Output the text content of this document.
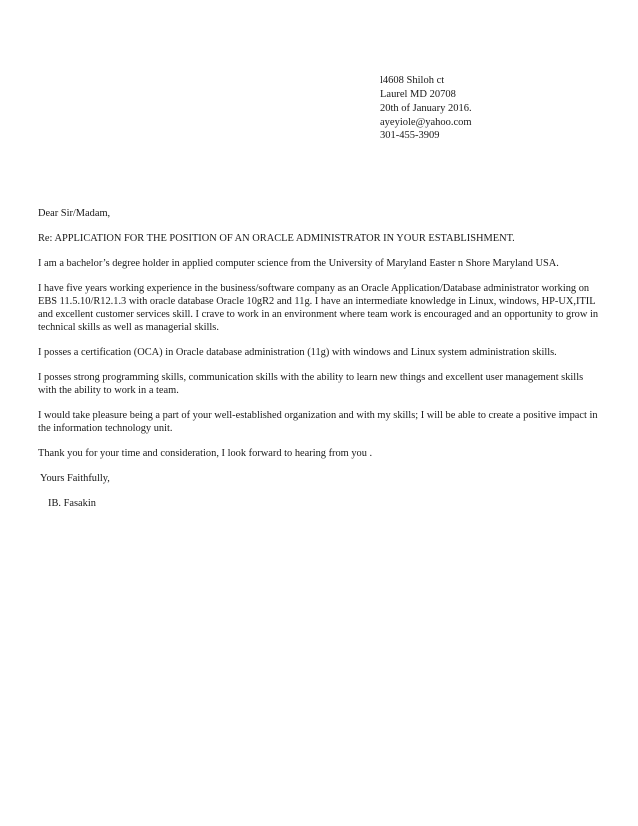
l4608 Shiloh ct
Laurel MD 20708
20th of January 2016.
ayeyiole@yahoo.com
301-455-3909

Dear Sir/Madam,

Re: APPLICATION FOR THE POSITION OF AN ORACLE ADMINISTRATOR IN YOUR ESTABLISHMENT.

I am a bachelor’s degree holder in applied computer science from the University of Maryland Easter n Shore Maryland USA.

I have five years working experience in the business/software company as an Oracle Application/Database administrator working on EBS 11.5.10/R12.1.3 with oracle database Oracle 10gR2 and 11g. I have an intermediate knowledge in Linux, windows, HP-UX,ITIL and excellent customer services skill. I crave to work in an environment where team work is encouraged and an opportunity to grow in technical skills as well as managerial skills.

I posses a certification (OCA) in Oracle database administration (11g) with windows and Linux system administration skills.

I posses strong programming skills, communication skills with the ability to learn new things and excellent user management skills with the ability to work in a team.

I would take pleasure being a part of your well-established organization and with my skills; I will be able to create a positive impact in the information technology unit.

Thank you for your time and consideration, I look forward to hearing from you .

Yours Faithfully,

IB. Fasakin
